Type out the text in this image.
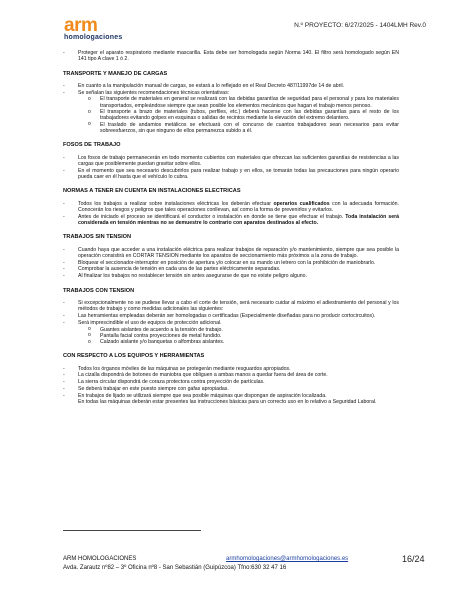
arm
homologaciones
N.º PROYECTO: 6/27/2025 - 1404LMH Rev.0

- Proteger el aparato respiratorio mediante mascarilla. Esta debe ser homologada según Norma 140. El filtro será homologado según EN 141 tipo A clave 1 ó 2.

TRANSPORTE Y MANEJO DE CARGAS

- En cuanto a la manipulación manual de cargas, se estará a lo reflejado en el Real Decreto 487/11997de 14 de abril.

- Se señalan las siguientes recomendaciones técnicas orientativas:

o El transporte de materiales en general se realizará con las debidas garantías de seguridad para el personal y para los materiales transportados, empleándose siempre que sean posible los elementos mecánicos que hagan el trabajo menos penoso.

o El transporte a brazo de materiales (tubos, perfiles, etc.) deberá hacerse con las debidas garantías para el resto de los trabajadores evitando golpes en esquinas o salidas de recintos mediante la elevación del extremo delantero.

o El traslado de andamios metálicos se efectuará con el concurso de cuantos trabajadores sean necesarios para evitar sobreesfuerzos, sin que ninguno de ellos permanezca subido a él.

FOSOS DE TRABAJO

- Los fosos de trabajo permanecerán en todo momento cubiertos con materiales que ofrezcan las suficientes garantías de resistencias a las cargas que posiblemente puedan gravitar sobre ellos.

- En el momento que sea necesario descubrirlos para realizar trabajo y en ellos, se tomarán todas las precauciones para ningún operario pueda caer en él hasta que el vehículo lo cubra.

NORMAS A TENER EN CUENTA EN INSTALACIONES ELECTRICAS

- Todos los trabajos a realizar sobre instalaciones eléctricas los deberán efectuar operarios cualificados con la adecuada formación. Conocerán los riesgos y peligros que tales operaciones conllevan, así como la forma de prevenirlos y evitarlos.

- Antes de iniciado el proceso se identificará el conductor o instalación en donde se tiene que efectuar el trabajo. Toda instalación será considerada en tensión mientras no se demuestre lo contrario con aparatos destinados al efecto.

TRABAJOS SIN TENSION

- Cuando haya que acceder a una instalación eléctrica para realizar trabajos de reparación y/o mantenimiento, siempre que sea posible la operación consistirá en CORTAR TENSION mediante los aparatos de seccionamiento más próximos a la zona de trabajo.

- Bloquear el seccionador-interruptor en posición de apertura y/o colocar en su mando un letrero con la prohibición de maniobrarlo.

- Comprobar la ausencia de tensión en cada una de las partes eléctricamente separadas.

- Al finalizar los trabajos no restablecer tensión sin antes asegurarse de que no existe peligro alguno.

TRABAJOS CON TENSION

- Si excepcionalmente no se pudiese llevar a cabo el corte de tensión, será necesario cuidar al máximo el adiestramiento del personal y los métodos de trabajo y como medidas adicionales las siguientes:

- Las herramientas empleadas deberán ser homologadas o certificadas (Especialmente diseñadas para no producir cortocircuitos).

- Será imprescindible el uso de equipos de protección adicional.

o Guantes aislantes de acuerdo a la tensión de trabajo.

o Pantalla facial contra proyecciones de metal fundido.

o Calzado aislante y/o banquetas o alfombras aislantes.

CON RESPECTO A LOS EQUIPOS Y HERRAMIENTAS

- Todos los órganos móviles de las máquinas se protegerán mediante resguardos apropiados.

- La cizalla dispondrá de botones de maniobra que obliguen a ambas manos a quedar fuera del área de corte.

- La sierra circular dispondrá de coraza protectora contra proyección de partículas.

- Se deberá trabajar en este puesto siempre con gafas apropiadas.

- En trabajos de lijado se utilizará siempre que sea posible máquinas que dispongan de aspiración localizada.
En todas las máquinas deberán estar presentes las instrucciones básicas para un correcto uso en lo relativo a Seguridad Laboral.

ARM HOMOLOGACIONES	armhomologaciones@armhomologaciones.es
Avda. Zarautz nº82 – 3º Oficina nº8 - San Sebastián (Guipúzcoa) Tfno:630 32 47 16
16/24
